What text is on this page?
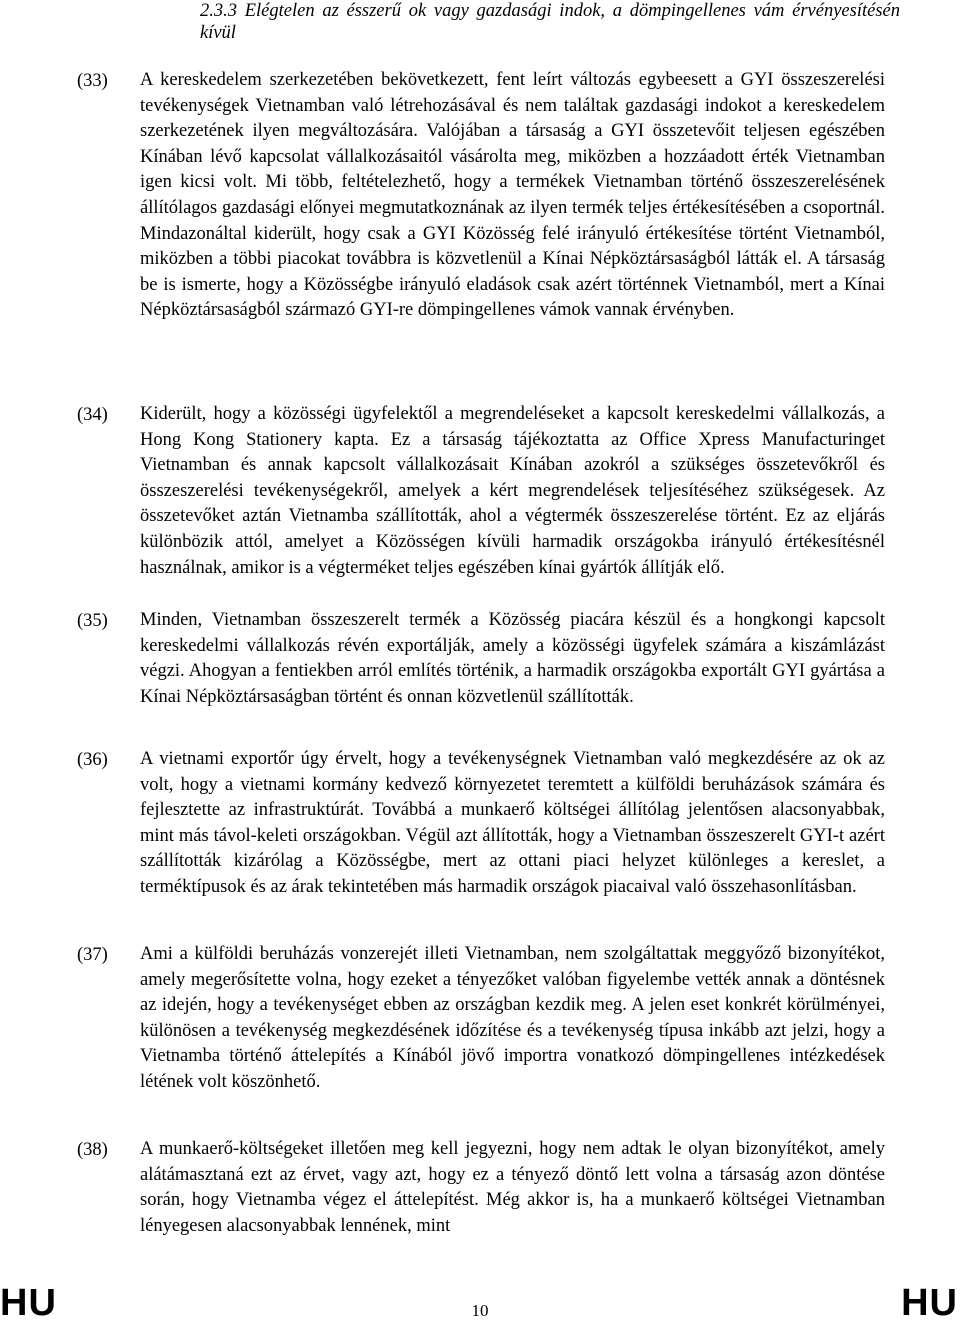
2.3.3 Elégtelen az ésszerű ok vagy gazdasági indok, a dömpingellenes vám érvényesítésén kívül
(33) A kereskedelem szerkezetében bekövetkezett, fent leírt változás egybeesett a GYI összeszerelési tevékenységek Vietnamban való létrehozásával és nem találtak gazdasági indokot a kereskedelem szerkezetének ilyen megváltozására. Valójában a társaság a GYI összetevőit teljesen egészében Kínában lévő kapcsolat vállalkozásaitól vásárolta meg, miközben a hozzáadott érték Vietnamban igen kicsi volt. Mi több, feltételezhető, hogy a termékek Vietnamban történő összeszerelésének állítólagos gazdasági előnyei megmutatkoznának az ilyen termék teljes értékesítésében a csoportnál. Mindazonáltal kiderült, hogy csak a GYI Közösség felé irányuló értékesítése történt Vietnamból, miközben a többi piacokat továbbra is közvetlenül a Kínai Népköztársaságból látták el. A társaság be is ismerte, hogy a Közösségbe irányuló eladások csak azért történnek Vietnamból, mert a Kínai Népköztársaságból származó GYI-re dömpingellenes vámok vannak érvényben.

(34) Kiderült, hogy a közösségi ügyfelektől a megrendeléseket a kapcsolt kereskedelmi vállalkozás, a Hong Kong Stationery kapta. Ez a társaság tájékoztatta az Office Xpress Manufacturinget Vietnamban és annak kapcsolt vállalkozásait Kínában azokról a szükséges összetevőkről és összeszerelési tevékenységekről, amelyek a kért megrendelések teljesítéséhez szükségesek. Az összetevőket aztán Vietnamba szállították, ahol a végtermék összeszerelése történt. Ez az eljárás különbözik attól, amelyet a Közösségen kívüli harmadik országokba irányuló értékesítésnél használnak, amikor is a végterméket teljes egészében kínai gyártók állítják elő.

(35) Minden, Vietnamban összeszerelt termék a Közösség piacára készül és a hongkongi kapcsolt kereskedelmi vállalkozás révén exportálják, amely a közösségi ügyfelek számára a kiszámlázást végzi. Ahogyan a fentiekben arról említés történik, a harmadik országokba exportált GYI gyártása a Kínai Népköztársaságban történt és onnan közvetlenül szállították.

(36) A vietnami exportőr úgy érvelt, hogy a tevékenységnek Vietnamban való megkezdésére az ok az volt, hogy a vietnami kormány kedvező környezetet teremtett a külföldi beruházások számára és fejlesztette az infrastruktúrát. Továbbá a munkaerő költségei állítólag jelentősen alacsonyabbak, mint más távol-keleti országokban. Végül azt állították, hogy a Vietnamban összeszerelt GYI-t azért szállították kizárólag a Közösségbe, mert az ottani piaci helyzet különleges a kereslet, a terméktípusok és az árak tekintetében más harmadik országok piacaival való összehasonlításban.

(37) Ami a külföldi beruházás vonzerejét illeti Vietnamban, nem szolgáltattak meggyőző bizonyítékot, amely megerősítette volna, hogy ezeket a tényezőket valóban figyelembe vették annak a döntésnek az idején, hogy a tevékenységet ebben az országban kezdik meg. A jelen eset konkrét körülményei, különösen a tevékenység megkezdésének időzítése és a tevékenység típusa inkább azt jelzi, hogy a Vietnamba történő áttelepítés a Kínából jövő importra vonatkozó dömpingellenes intézkedések létének volt köszönhető.

(38) A munkaerő-költségeket illetően meg kell jegyezni, hogy nem adtak le olyan bizonyítékot, amely alátámasztaná ezt az érvet, vagy azt, hogy ez a tényező döntő lett volna a társaság azon döntése során, hogy Vietnamba végez el áttelepítést. Még akkor is, ha a munkaerő költségei Vietnamban lényegesen alacsonyabbak lennének, mint

HU	10	HU
